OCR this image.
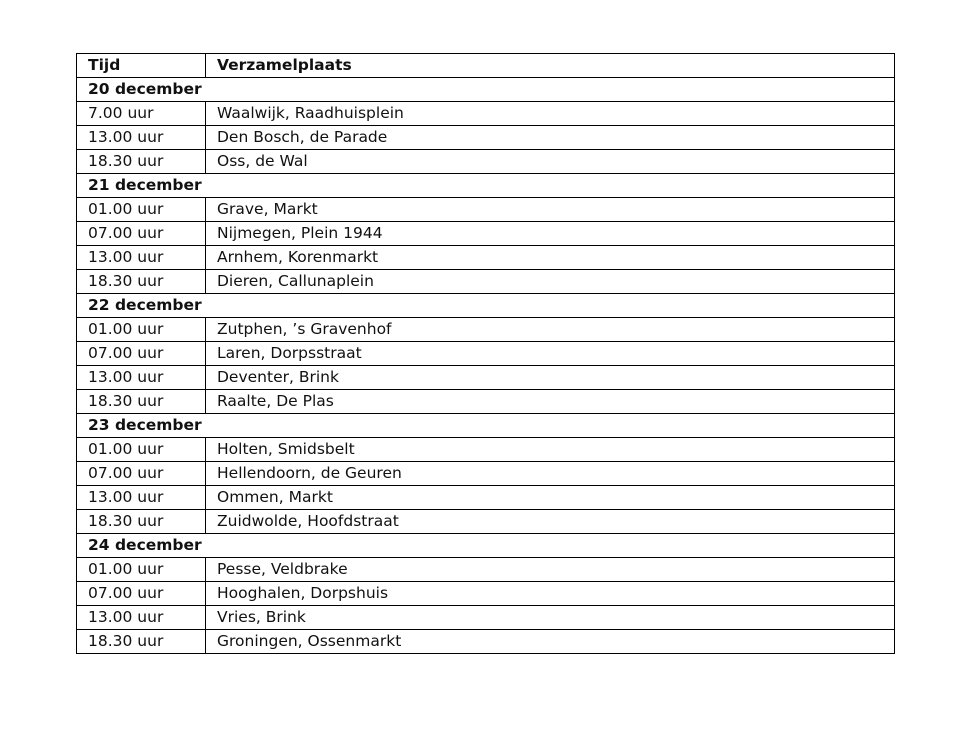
Tijd	Verzamelplaats
20 december	
7.00 uur	Waalwijk, Raadhuisplein
13.00 uur	Den Bosch, de Parade
18.30 uur	Oss, de Wal
21 december	
01.00 uur	Grave, Markt
07.00 uur	Nijmegen, Plein 1944
13.00 uur	Arnhem, Korenmarkt
18.30 uur	Dieren, Callunaplein
22 december	
01.00 uur	Zutphen, ’s Gravenhof
07.00 uur	Laren, Dorpsstraat
13.00 uur	Deventer, Brink
18.30 uur	Raalte, De Plas
23 december	
01.00 uur	Holten, Smidsbelt
07.00 uur	Hellendoorn, de Geuren
13.00 uur	Ommen, Markt
18.30 uur	Zuidwolde, Hoofdstraat
24 december	
01.00 uur	Pesse, Veldbrake
07.00 uur	Hooghalen, Dorpshuis
13.00 uur	Vries, Brink
18.30 uur	Groningen, Ossenmarkt
